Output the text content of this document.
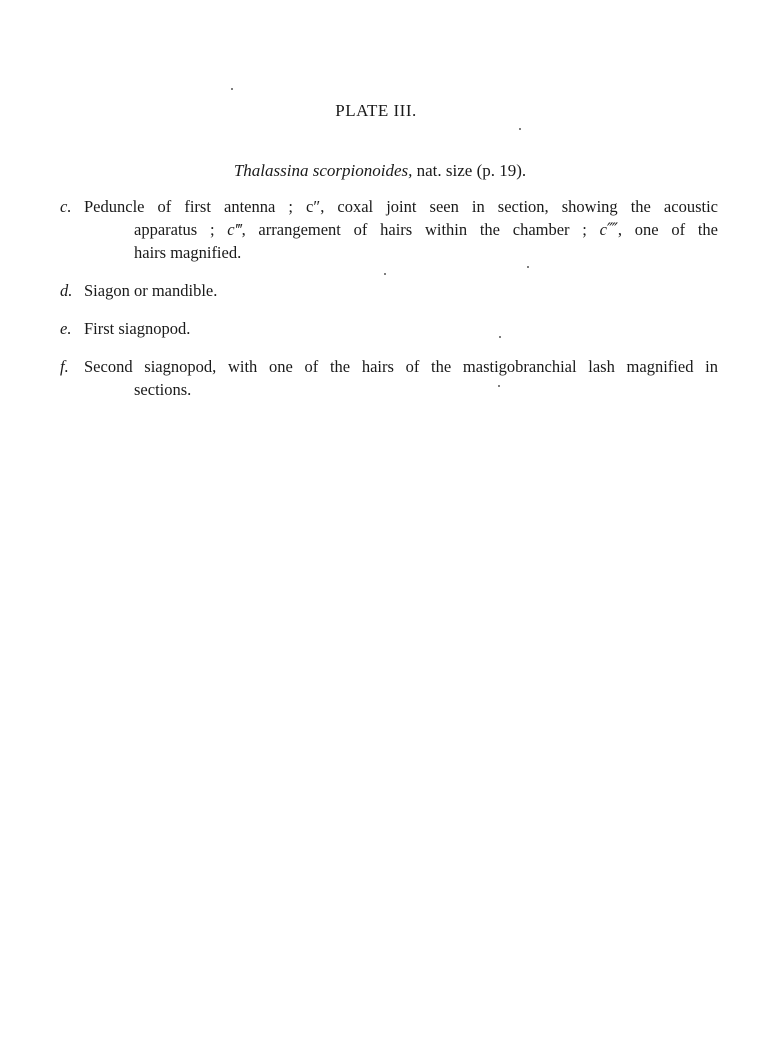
PLATE III.
Thalassina scorpionoides, nat. size (p. 19).
c. Peduncle of first antenna ; c″, coxal joint seen in section, showing the acoustic
apparatus ; c‴, arrangement of hairs within the chamber ; c⁗, one of the
hairs magnified.
d. Siagon or mandible.
e. First siagnopod.
f. Second siagnopod, with one of the hairs of the mastigobranchial lash magnified in
sections.
